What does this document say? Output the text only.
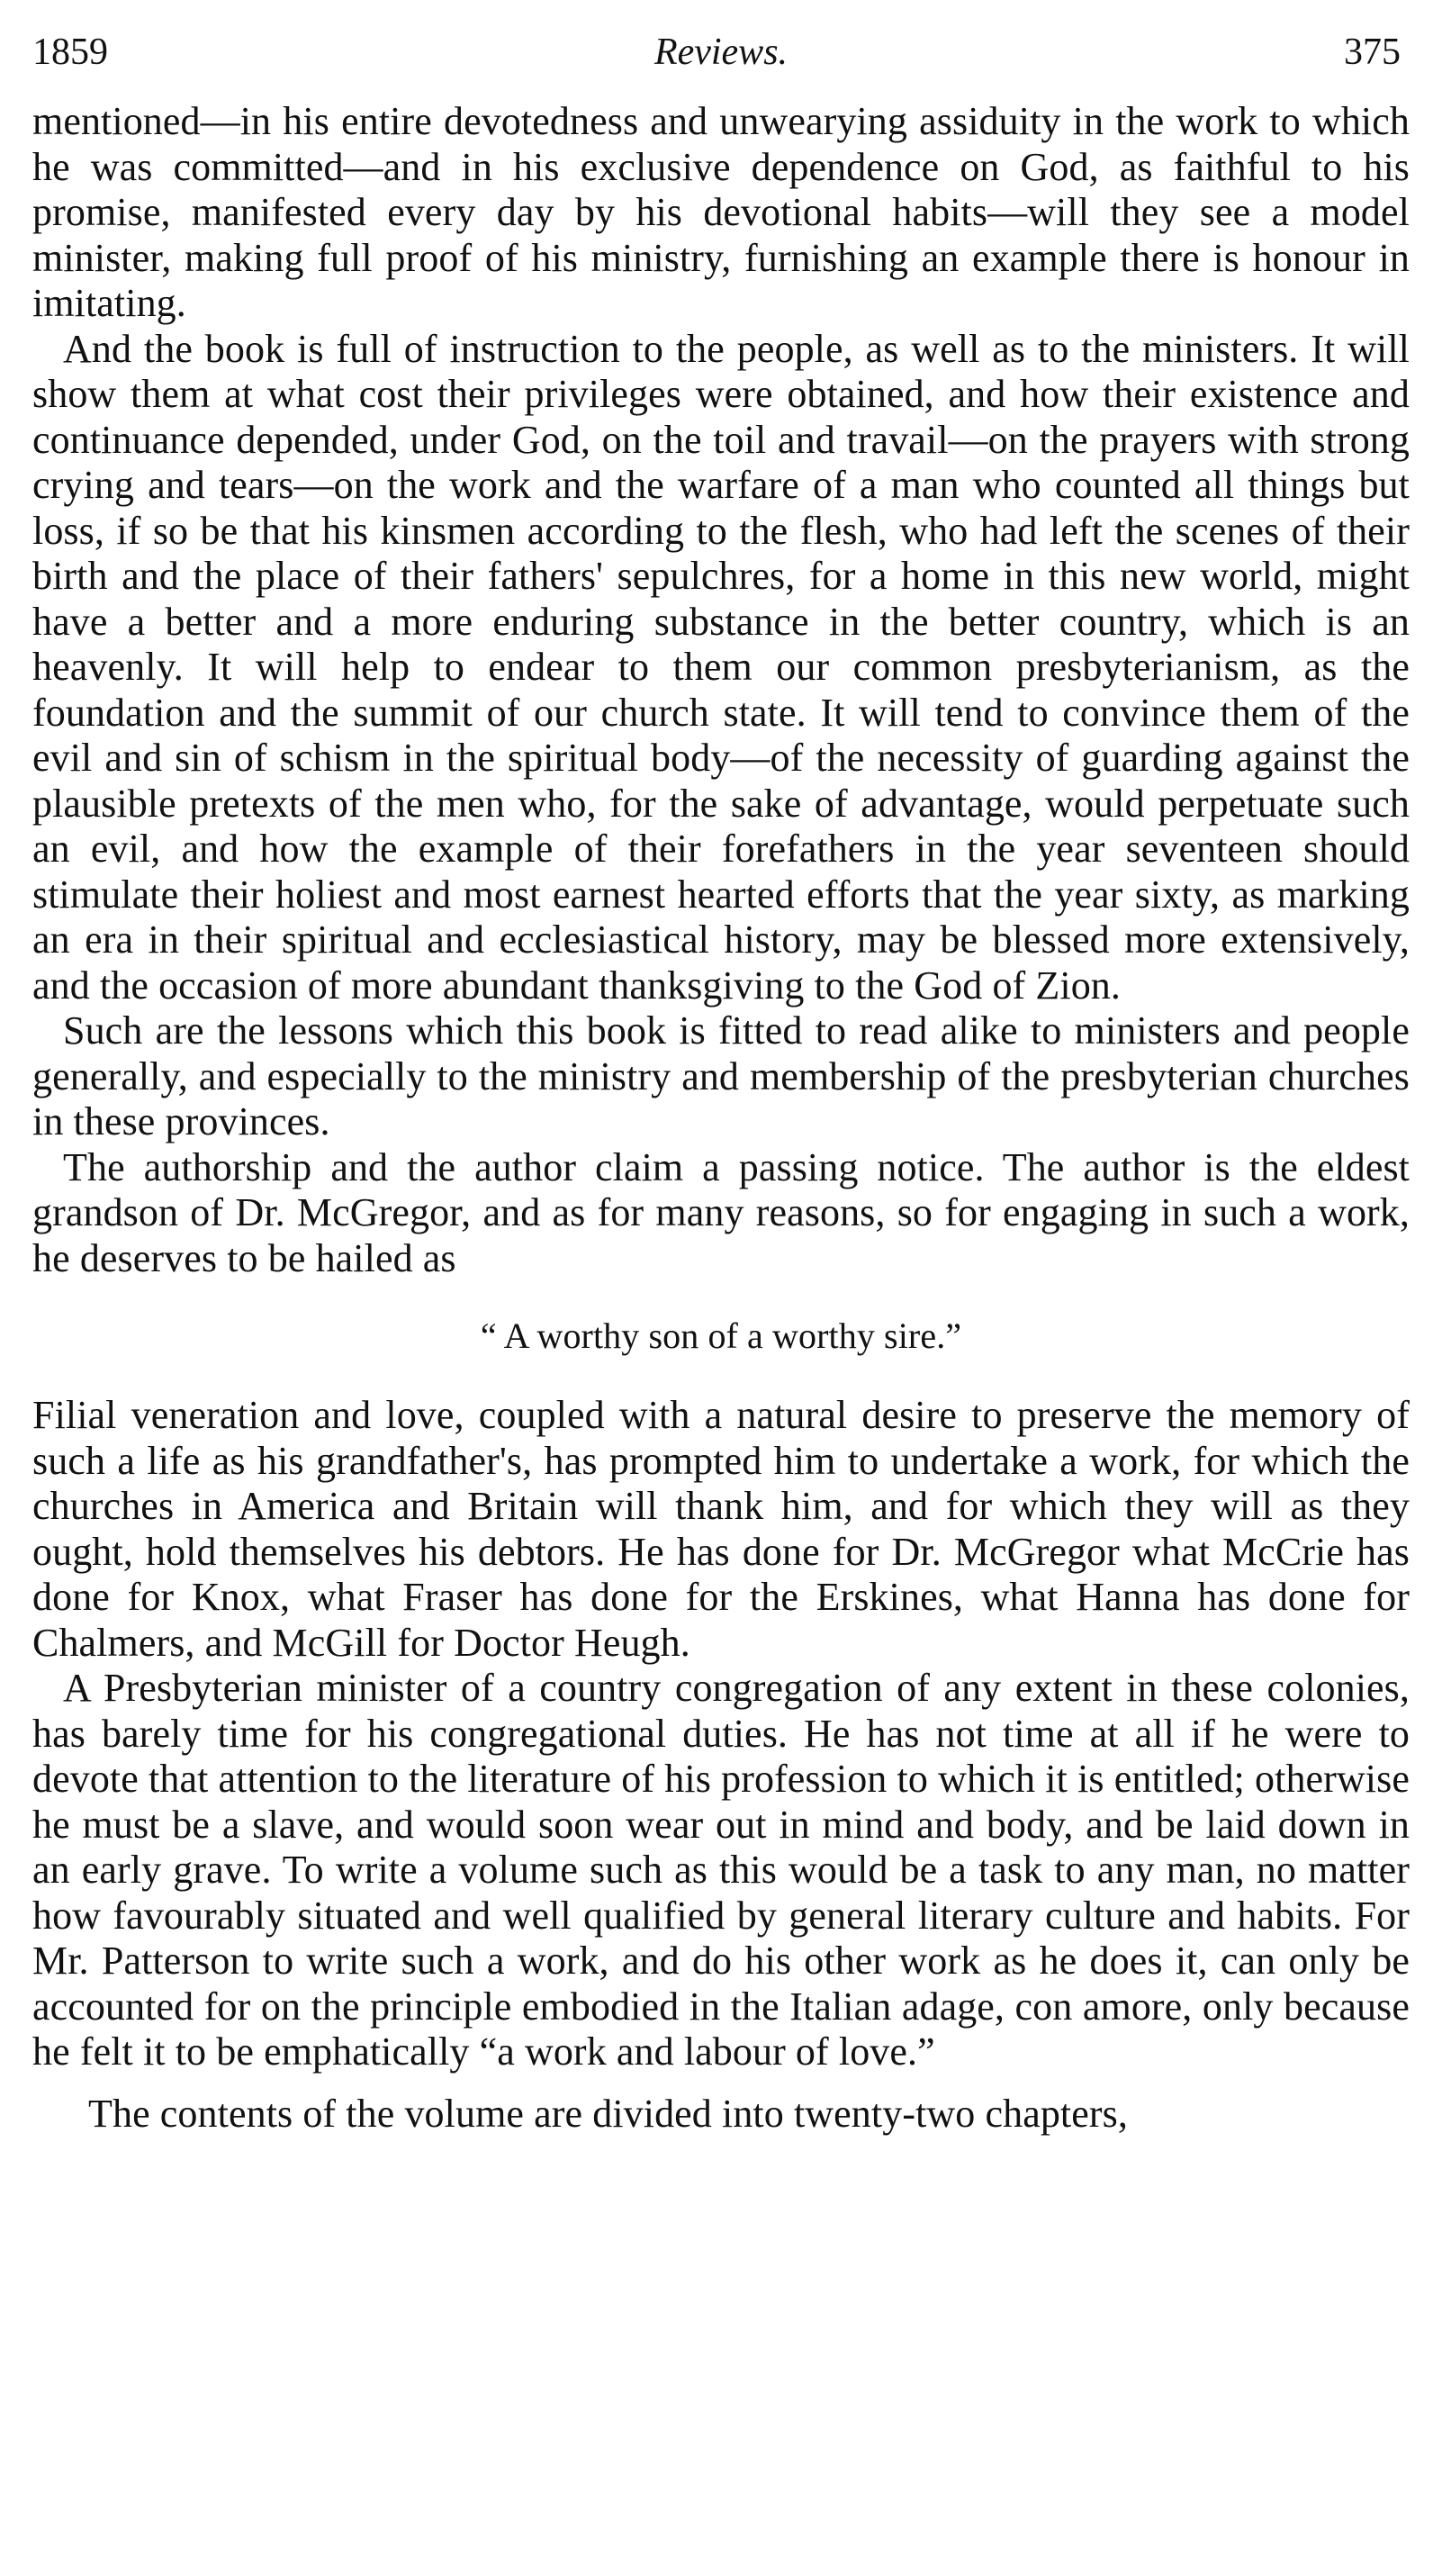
1859	Reviews.	375

mentioned—in his entire devotedness and unwearying assiduity in the work to which he was committed—and in his exclusive dependence on God, as faithful to his promise, manifested every day by his devotional habits—will they see a model minister, making full proof of his ministry, furnishing an example there is honour in imitating.

And the book is full of instruction to the people, as well as to the ministers. It will show them at what cost their privileges were obtained, and how their existence and continuance depended, under God, on the toil and travail—on the prayers with strong crying and tears—on the work and the warfare of a man who counted all things but loss, if so be that his kinsmen according to the flesh, who had left the scenes of their birth and the place of their fathers' sepulchres, for a home in this new world, might have a better and a more enduring substance in the better country, which is an heavenly. It will help to endear to them our common presbyterianism, as the foundation and the summit of our church state. It will tend to convince them of the evil and sin of schism in the spiritual body—of the necessity of guarding against the plausible pretexts of the men who, for the sake of advantage, would perpetuate such an evil, and how the example of their forefathers in the year seventeen should stimulate their holiest and most earnest hearted efforts that the year sixty, as marking an era in their spiritual and ecclesiastical history, may be blessed more extensively, and the occasion of more abundant thanksgiving to the God of Zion.

Such are the lessons which this book is fitted to read alike to ministers and people generally, and especially to the ministry and membership of the presbyterian churches in these provinces.

The authorship and the author claim a passing notice. The author is the eldest grandson of Dr. McGregor, and as for many reasons, so for engaging in such a work, he deserves to be hailed as

“ A worthy son of a worthy sire.”

Filial veneration and love, coupled with a natural desire to preserve the memory of such a life as his grandfather's, has prompted him to undertake a work, for which the churches in America and Britain will thank him, and for which they will as they ought, hold themselves his debtors. He has done for Dr. McGregor what McCrie has done for Knox, what Fraser has done for the Erskines, what Hanna has done for Chalmers, and McGill for Doctor Heugh.

A Presbyterian minister of a country congregation of any extent in these colonies, has barely time for his congregational duties. He has not time at all if he were to devote that attention to the literature of his profession to which it is entitled; otherwise he must be a slave, and would soon wear out in mind and body, and be laid down in an early grave. To write a volume such as this would be a task to any man, no matter how favourably situated and well qualified by general literary culture and habits. For Mr. Patterson to write such a work, and do his other work as he does it, can only be accounted for on the principle embodied in the Italian adage, con amore, only because he felt it to be emphatically “a work and labour of love.”

The contents of the volume are divided into twenty-two chapters,
